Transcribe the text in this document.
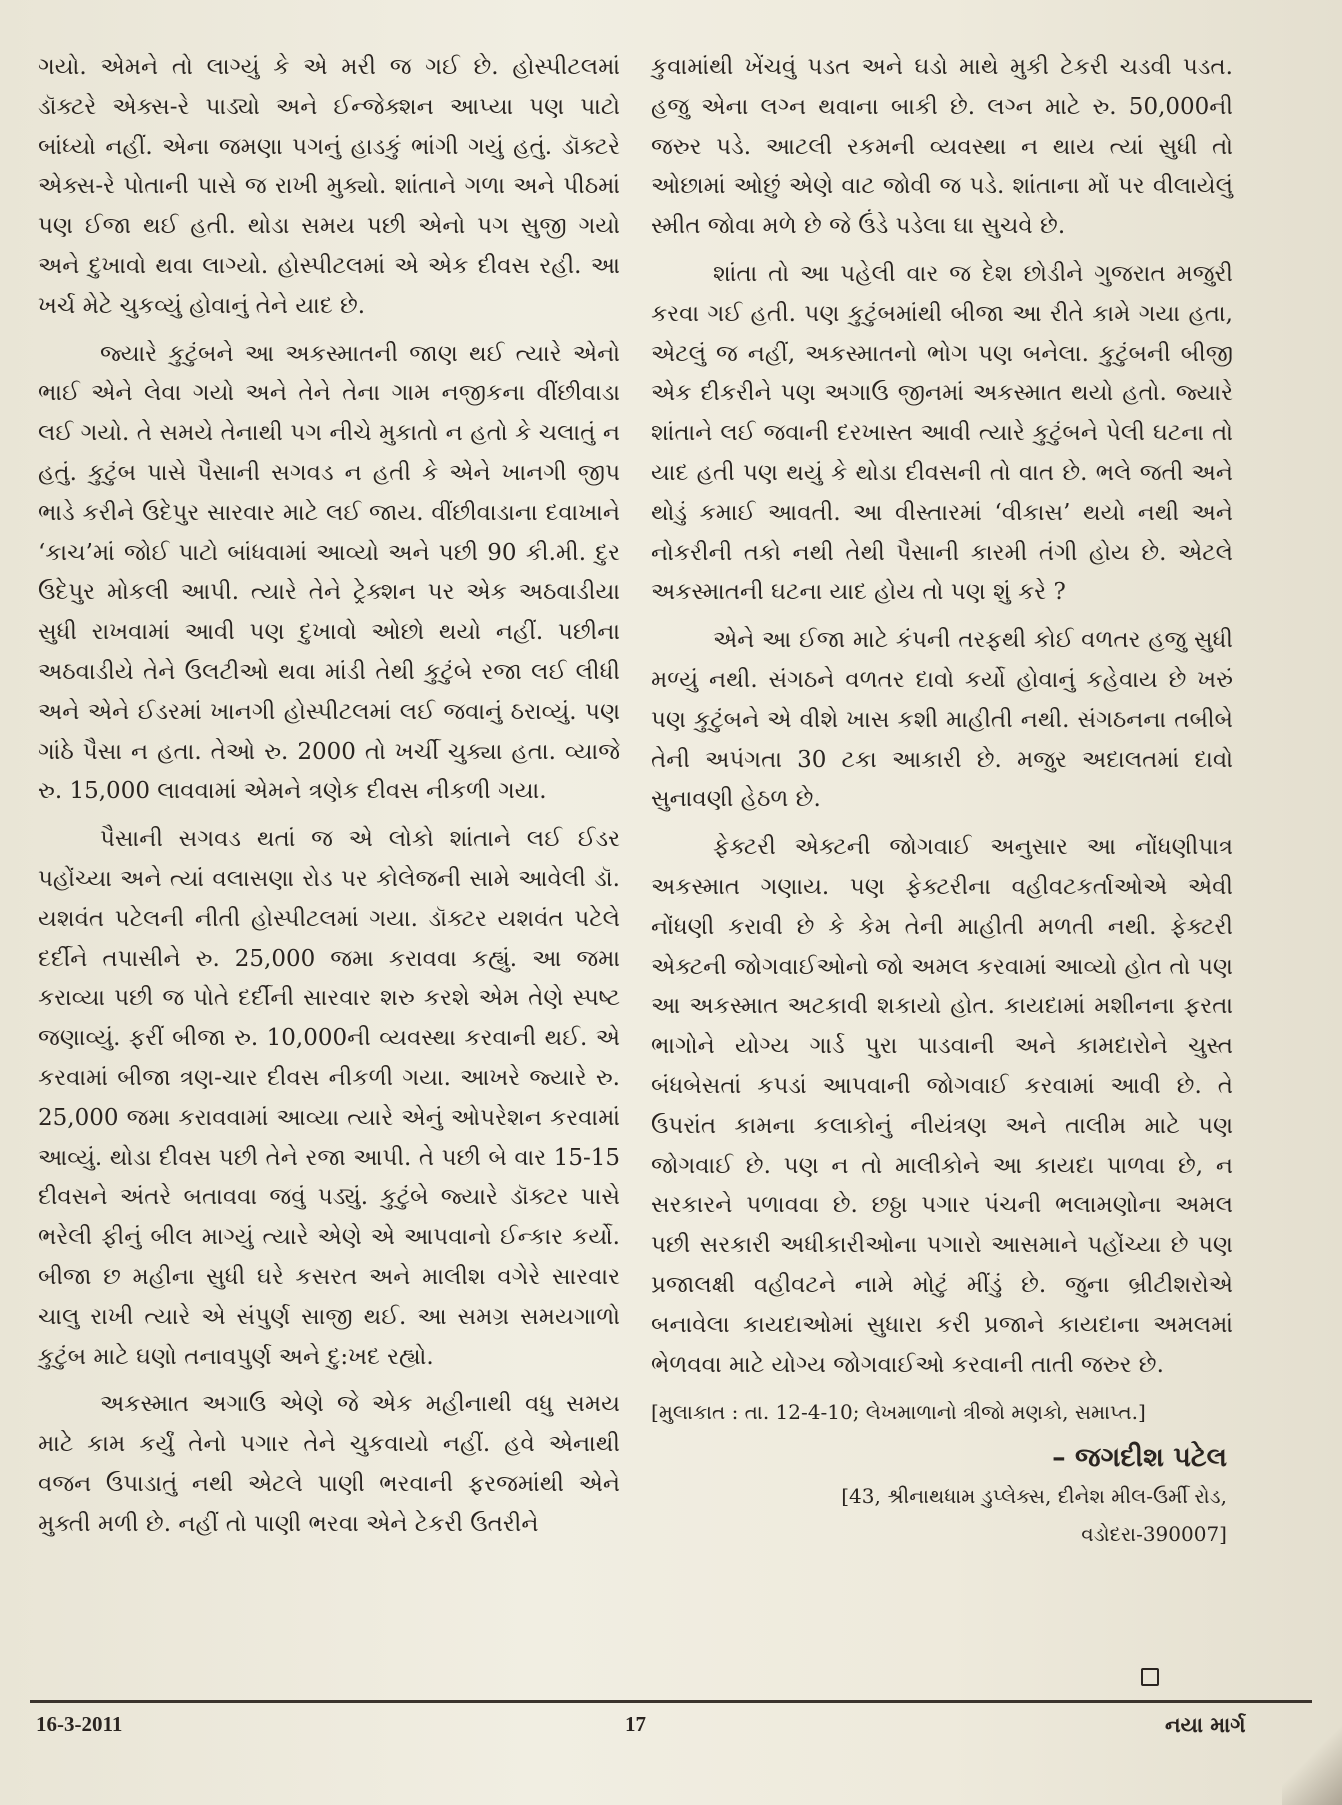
ગયો. એમને તો લાગ્યું કે એ મરી જ ગઈ છે. હોસ્પીટલમાં ડૉક્ટરે એક્સ-રે પાડ્યો અને ઈન્જેક્શન આપ્યા પણ પાટો બાંધ્યો નહીં. એના જમણા પગનું હાડકું ભાંગી ગયું હતું. ડૉક્ટરે એક્સ-રે પોતાની પાસે જ રાખી મુક્યો. શાંતાને ગળા અને પીઠમાં પણ ઈજા થઈ હતી. થોડા સમય પછી એનો પગ સુજી ગયો અને દુખાવો થવા લાગ્યો. હોસ્પીટલમાં એ એક દીવસ રહી. આ ખર્ચ મેટે ચુકવ્યું હોવાનું તેને યાદ છે.

જ્યારે કુટુંબને આ અકસ્માતની જાણ થઈ ત્યારે એનો ભાઈ એને લેવા ગયો અને તેને તેના ગામ નજીકના વીંછીવાડા લઈ ગયો. તે સમયે તેનાથી પગ નીચે મુકાતો ન હતો કે ચલાતું ન હતું. કુટુંબ પાસે પૈસાની સગવડ ન હતી કે એને ખાનગી જીપ ભાડે કરીને ઉદેપુર સારવાર માટે લઈ જાય. વીંછીવાડાના દવાખાને ‘કાચ’માં જોઈ પાટો બાંધવામાં આવ્યો અને પછી 90 કી.મી. દુર ઉદેપુર મોકલી આપી. ત્યારે તેને ટ્રેક્શન પર એક અઠવાડીયા સુધી રાખવામાં આવી પણ દુખાવો ઓછો થયો નહીં. પછીના અઠવાડીયે તેને ઉલટીઓ થવા માંડી તેથી કુટુંબે રજા લઈ લીધી અને એને ઈડરમાં ખાનગી હોસ્પીટલમાં લઈ જવાનું ઠરાવ્યું. પણ ગાંઠે પૈસા ન હતા. તેઓ રુ. 2000 તો ખર્ચી ચુક્યા હતા. વ્યાજે રુ. 15,000 લાવવામાં એમને ત્રણેક દીવસ નીકળી ગયા.

પૈસાની સગવડ થતાં જ એ લોકો શાંતાને લઈ ઈડર પહોંચ્યા અને ત્યાં વલાસણા રોડ પર કોલેજની સામે આવેલી ડૉ. યશવંત પટેલની નીતી હોસ્પીટલમાં ગયા. ડૉક્ટર યશવંત પટેલે દર્દીને તપાસીને રુ. 25,000 જમા કરાવવા કહ્યું. આ જમા કરાવ્યા પછી જ પોતે દર્દીની સારવાર શરુ કરશે એમ તેણે સ્પષ્ટ જણાવ્યું. ફરીં બીજા રુ. 10,000ની વ્યવસ્થા કરવાની થઈ. એ કરવામાં બીજા ત્રણ-ચાર દીવસ નીકળી ગયા. આખરે જ્યારે રુ. 25,000 જમા કરાવવામાં આવ્યા ત્યારે એનું ઓપરેશન કરવામાં આવ્યું. થોડા દીવસ પછી તેને રજા આપી. તે પછી બે વાર 15-15 દીવસને અંતરે બતાવવા જવું પડ્યું. કુટુંબે જ્યારે ડૉક્ટર પાસે ભરેલી ફીનું બીલ માગ્યું ત્યારે એણે એ આપવાનો ઈન્કાર કર્યો. બીજા છ મહીના સુધી ઘરે કસરત અને માલીશ વગેરે સારવાર ચાલુ રાખી ત્યારે એ સંપુર્ણ સાજી થઈ. આ સમગ્ર સમયગાળો કુટુંબ માટે ઘણો તનાવપુર્ણ અને દુ:ખદ રહ્યો.

અકસ્માત અગાઉ એણે જે એક મહીનાથી વધુ સમય માટે કામ કર્યું તેનો પગાર તેને ચુકવાયો નહીં. હવે એનાથી વજન ઉપાડાતું નથી એટલે પાણી ભરવાની ફરજમાંથી એને મુક્તી મળી છે. નહીં તો પાણી ભરવા એને ટેકરી ઉતરીને

કુવામાંથી ખેંચવું પડત અને ઘડો માથે મુકી ટેકરી ચડવી પડત. હજુ એના લગ્ન થવાના બાકી છે. લગ્ન માટે રુ. 50,000ની જરુર પડે. આટલી રકમની વ્યવસ્થા ન થાય ત્યાં સુધી તો ઓછામાં ઓછું એણે વાટ જોવી જ પડે. શાંતાના મોં પર વીલાયેલું સ્મીત જોવા મળે છે જે ઉંડે પડેલા ઘા સુચવે છે.

શાંતા તો આ પહેલી વાર જ દેશ છોડીને ગુજરાત મજુરી કરવા ગઈ હતી. પણ કુટુંબમાંથી બીજા આ રીતે કામે ગયા હતા, એટલું જ નહીં, અકસ્માતનો ભોગ પણ બનેલા. કુટુંબની બીજી એક દીકરીને પણ અગાઉ જીનમાં અકસ્માત થયો હતો. જ્યારે શાંતાને લઈ જવાની દરખાસ્ત આવી ત્યારે કુટુંબને પેલી ઘટના તો યાદ હતી પણ થયું કે થોડા દીવસની તો વાત છે. ભલે જતી અને થોડું કમાઈ આવતી. આ વીસ્તારમાં ‘વીકાસ’ થયો નથી અને નોકરીની તકો નથી તેથી પૈસાની કારમી તંગી હોય છે. એટલે અકસ્માતની ઘટના યાદ હોય તો પણ શું કરે ?

એને આ ઈજા માટે કંપની તરફથી કોઈ વળતર હજુ સુધી મળ્યું નથી. સંગઠને વળતર દાવો કર્યો હોવાનું કહેવાય છે ખરું પણ કુટુંબને એ વીશે ખાસ કશી માહીતી નથી. સંગઠનના તબીબે તેની અપંગતા 30 ટકા આકારી છે. મજુર અદાલતમાં દાવો સુનાવણી હેઠળ છે.

ફેક્ટરી એક્ટની જોગવાઈ અનુસાર આ નોંધણીપાત્ર અકસ્માત ગણાય. પણ ફેક્ટરીના વહીવટકર્તાઓએ એવી નોંધણી કરાવી છે કે કેમ તેની માહીતી મળતી નથી. ફેક્ટરી એક્ટની જોગવાઈઓનો જો અમલ કરવામાં આવ્યો હોત તો પણ આ અકસ્માત અટકાવી શકાયો હોત. કાયદામાં મશીનના ફરતા ભાગોને યોગ્ય ગાર્ડ પુરા પાડવાની અને કામદારોને ચુસ્ત બંધબેસતાં કપડાં આપવાની જોગવાઈ કરવામાં આવી છે. તે ઉપરાંત કામના કલાકોનું નીયંત્રણ અને તાલીમ માટે પણ જોગવાઈ છે. પણ ન તો માલીકોને આ કાયદા પાળવા છે, ન સરકારને પળાવવા છે. છઠ્ઠા પગાર પંચની ભલામણોના અમલ પછી સરકારી અધીકારીઓના પગારો આસમાને પહોંચ્યા છે પણ પ્રજાલક્ષી વહીવટને નામે મોટું મીંડું છે. જુના બ્રીટીશરોએ બનાવેલા કાયદાઓમાં સુધારા કરી પ્રજાને કાયદાના અમલમાં ભેળવવા માટે યોગ્ય જોગવાઈઓ કરવાની તાતી જરુર છે.

[મુલાકાત : તા. 12-4-10; લેખમાળાનો ત્રીજો મણકો, સમાપ્ત.]
– જગદીશ પટેલ
[43, શ્રીનાથધામ ડુપ્લેક્સ, દીનેશ મીલ-ઉર્મી રોડ,
વડોદરા-390007]
16-3-2011	17	નયા માર્ગ
